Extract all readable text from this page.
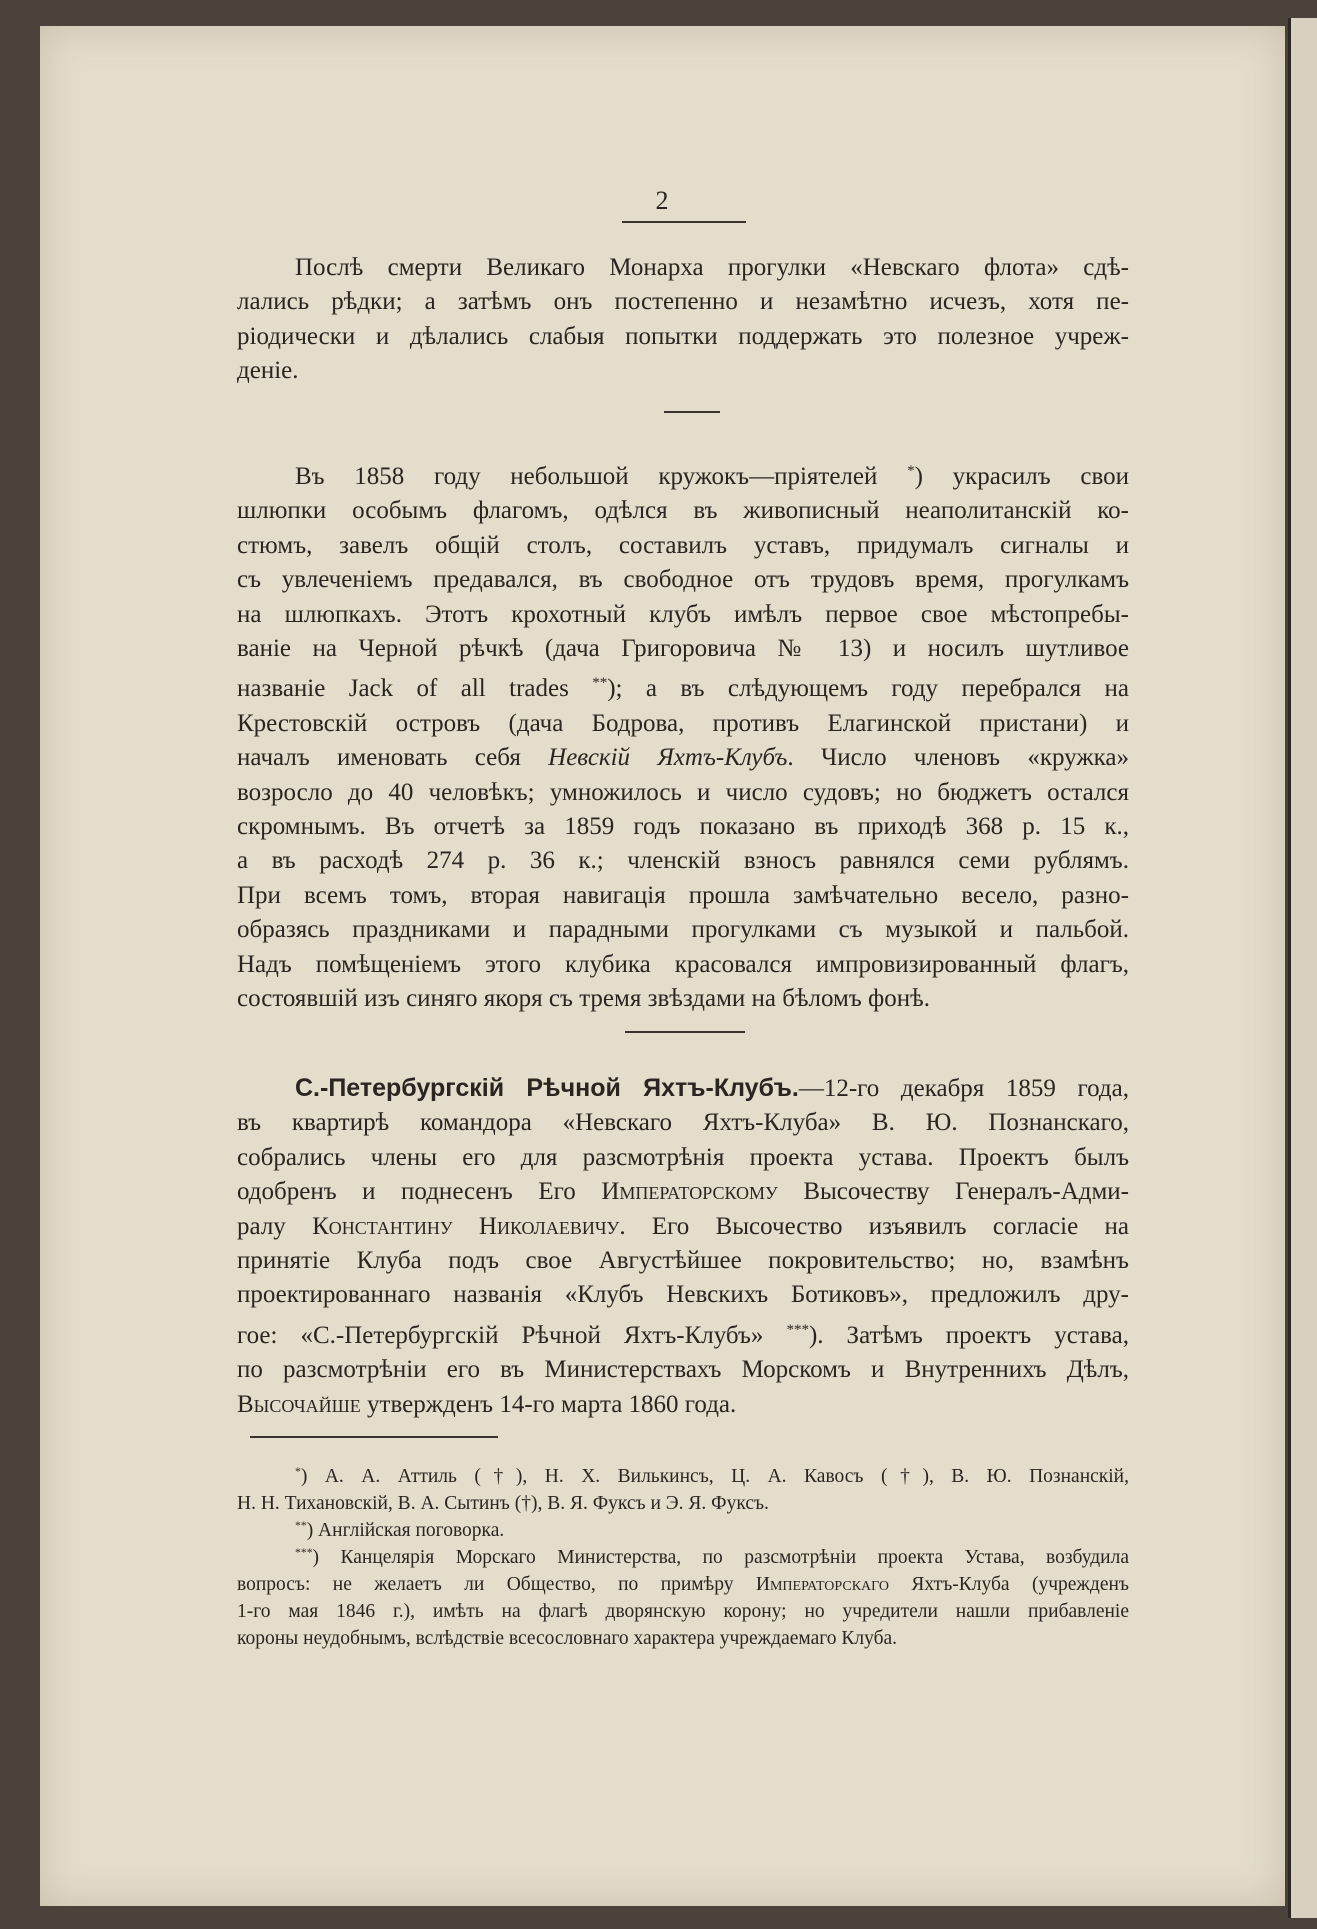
2
Послѣ смерти Великаго Монарха прогулки «Невскаго флота» сдѣ-
лались рѣдки; а затѣмъ онъ постепенно и незамѣтно исчезъ, хотя пе-
ріодически и дѣлались слабыя попытки поддержать это полезное учреж-
деніе.
Въ 1858 году небольшой кружокъ—пріятелей *) украсилъ свои
шлюпки особымъ флагомъ, одѣлся въ живописный неаполитанскій ко-
стюмъ, завелъ общій столъ, составилъ уставъ, придумалъ сигналы и
съ увлеченіемъ предавался, въ свободное отъ трудовъ время, прогулкамъ
на шлюпкахъ. Этотъ крохотный клубъ имѣлъ первое свое мѣстопребы-
ваніе на Черной рѣчкѣ (дача Григоровича № 13) и носилъ шутливое
названіе Jack of all trades **); а въ слѣдующемъ году перебрался на
Крестовскій островъ (дача Бодрова, противъ Елагинской пристани) и
началъ именовать себя Невскій Яхтъ-Клубъ. Число членовъ «кружка»
возросло до 40 человѣкъ; умножилось и число судовъ; но бюджетъ остался
скромнымъ. Въ отчетѣ за 1859 годъ показано въ приходѣ 368 р. 15 к.,
а въ расходѣ 274 р. 36 к.; членскій взносъ равнялся семи рублямъ.
При всемъ томъ, вторая навигація прошла замѣчательно весело, разно-
образясь праздниками и парадными прогулками съ музыкой и пальбой.
Надъ помѣщеніемъ этого клубика красовался импровизированный флагъ,
состоявшій изъ синяго якоря съ тремя звѣздами на бѣломъ фонѣ.
С.-Петербургскій Рѣчной Яхтъ-Клубъ.—12-го декабря 1859 года,
въ квартирѣ командора «Невскаго Яхтъ-Клуба» В. Ю. Познанскаго,
собрались члены его для разсмотрѣнія проекта устава. Проектъ былъ
одобренъ и поднесенъ Его Императорскому Высочеству Генералъ-Адми-
ралу Константину Николаевичу. Его Высочество изъявилъ согласіе на
принятіе Клуба подъ свое Августѣйшее покровительство; но, взамѣнъ
проектированнаго названія «Клубъ Невскихъ Ботиковъ», предложилъ дру-
гое: «С.-Петербургскій Рѣчной Яхтъ-Клубъ» ***). Затѣмъ проектъ устава,
по разсмотрѣніи его въ Министерствахъ Морскомъ и Внутреннихъ Дѣлъ,
Высочайше утвержденъ 14-го марта 1860 года.
*) А. А. Аттиль (†), Н. Х. Вилькинсъ, Ц. А. Кавосъ (†), В. Ю. Познанскій,
Н. Н. Тихановскій, В. А. Сытинъ (†), В. Я. Фуксъ и Э. Я. Фуксъ.
**) Англійская поговорка.
***) Канцелярія Морскаго Министерства, по разсмотрѣніи проекта Устава, возбудила
вопросъ: не желаетъ ли Общество, по примѣру Императорскаго Яхтъ-Клуба (учрежденъ
1-го мая 1846 г.), имѣть на флагѣ дворянскую корону; но учредители нашли прибавленіе
короны неудобнымъ, вслѣдствіе всесословнаго характера учреждаемаго Клуба.
